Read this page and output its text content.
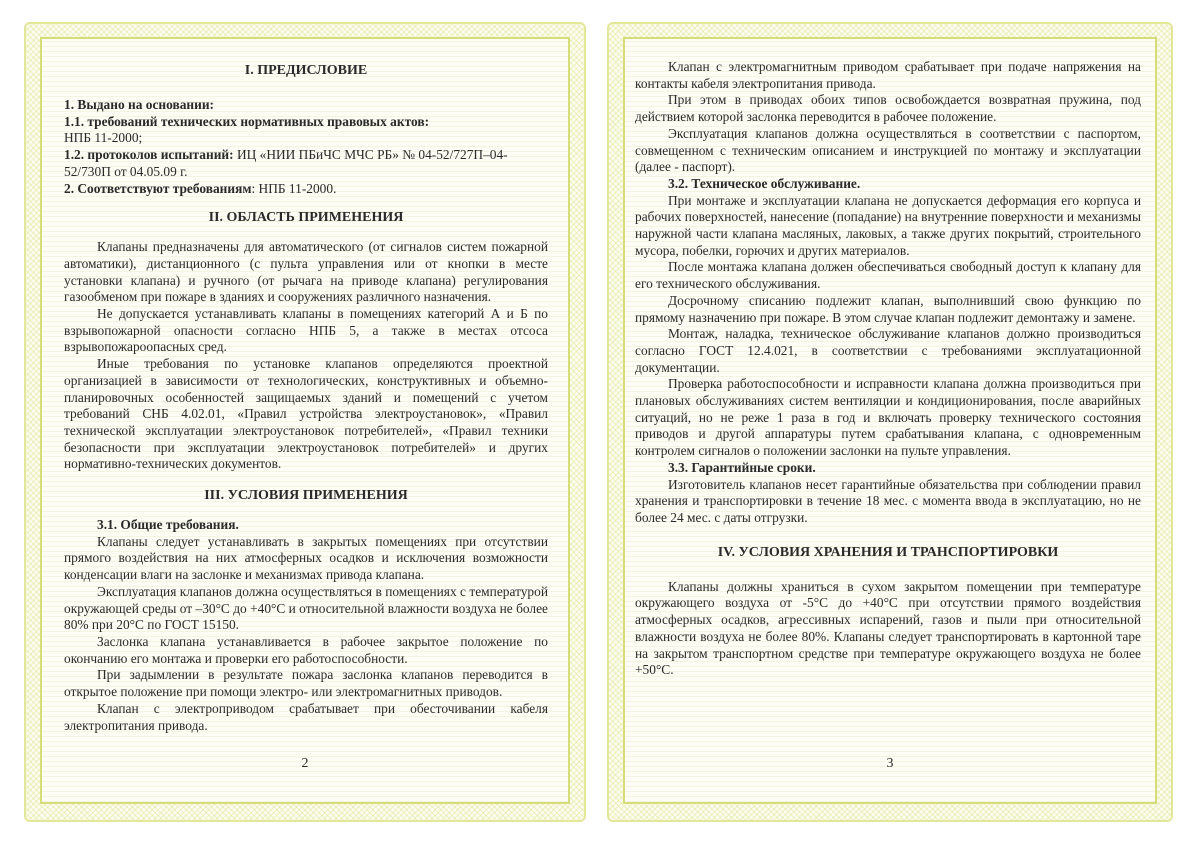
I. ПРЕДИСЛОВИЕ

1. Выдано на основании:

1.1. требований технических нормативных правовых актов:

НПБ 11-2000;

1.2. протоколов испытаний: ИЦ «НИИ ПБиЧС МЧС РБ» № 04-52/727П–04-52/730П от 04.05.09 г.

2. Соответствуют требованиям: НПБ 11-2000.

II. ОБЛАСТЬ ПРИМЕНЕНИЯ

Клапаны предназначены для автоматического (от сигналов систем пожарной автоматики), дистанционного (с пульта управления или от кнопки в месте установки клапана) и ручного (от рычага на приводе клапана) регулирования газообменом при пожаре в зданиях и сооружениях различного назначения.

Не допускается устанавливать клапаны в помещениях категорий А и Б по взрывопожарной опасности согласно НПБ 5, а также в местах отсоса взрывопожароопасных сред.

Иные требования по установке клапанов определяются проектной организацией в зависимости от технологических, конструктивных и объемно-планировочных особенностей защищаемых зданий и помещений с учетом требований СНБ 4.02.01, «Правил устройства электроустановок», «Правил технической эксплуатации электроустановок потребителей», «Правил техники безопасности при эксплуатации электроустановок потребителей» и других нормативно-технических документов.

III. УСЛОВИЯ ПРИМЕНЕНИЯ

3.1. Общие требования.

Клапаны следует устанавливать в закрытых помещениях при отсутствии прямого воздействия на них атмосферных осадков и исключения возможности конденсации влаги на заслонке и механизмах привода клапана.

Эксплуатация клапанов должна осуществляться в помещениях с температурой окружающей среды от –30°С до +40°С и относительной влажности воздуха не более 80% при 20°С по ГОСТ 15150.

Заслонка клапана устанавливается в рабочее закрытое положение по окончанию его монтажа и проверки его работоспособности.

При задымлении в результате пожара заслонка клапанов переводится в открытое положение при помощи электро- или электромагнитных приводов.

Клапан с электроприводом срабатывает при обесточивании кабеля электропитания привода.

2

Клапан с электромагнитным приводом срабатывает при подаче напряжения на контакты кабеля электропитания привода.

При этом в приводах обоих типов освобождается возвратная пружина, под действием которой заслонка переводится в рабочее положение.

Эксплуатация клапанов должна осуществляться в соответствии с паспортом, совмещенном с техническим описанием и инструкцией по монтажу и эксплуатации (далее - паспорт).

3.2. Техническое обслуживание.

При монтаже и эксплуатации клапана не допускается деформация его корпуса и рабочих поверхностей, нанесение (попадание) на внутренние поверхности и механизмы наружной части клапана масляных, лаковых, а также других покрытий, строительного мусора, побелки, горючих и других материалов.

После монтажа клапана должен обеспечиваться свободный доступ к клапану для его технического обслуживания.

Досрочному списанию подлежит клапан, выполнивший свою функцию по прямому назначению при пожаре. В этом случае клапан подлежит демонтажу и замене.

Монтаж, наладка, техническое обслуживание клапанов должно производиться согласно ГОСТ 12.4.021, в соответствии с требованиями эксплуатационной документации.

Проверка работоспособности и исправности клапана должна производиться при плановых обслуживаниях систем вентиляции и кондиционирования, после аварийных ситуаций, но не реже 1 раза в год и включать проверку технического состояния приводов и другой аппаратуры путем срабатывания клапана, с одновременным контролем сигналов о положении заслонки на пульте управления.

3.3. Гарантийные сроки.

Изготовитель клапанов несет гарантийные обязательства при соблюдении правил хранения и транспортировки в течение 18 мес. с момента ввода в эксплуатацию, но не более 24 мес. с даты отгрузки.

IV. УСЛОВИЯ ХРАНЕНИЯ И ТРАНСПОРТИРОВКИ

Клапаны должны храниться в сухом закрытом помещении при температуре окружающего воздуха от -5°С до +40°С при отсутствии прямого воздействия атмосферных осадков, агрессивных испарений, газов и пыли при относительной влажности воздуха не более 80%. Клапаны следует транспортировать в картонной таре на закрытом транспортном средстве при температуре окружающего воздуха не более +50°С.

3
